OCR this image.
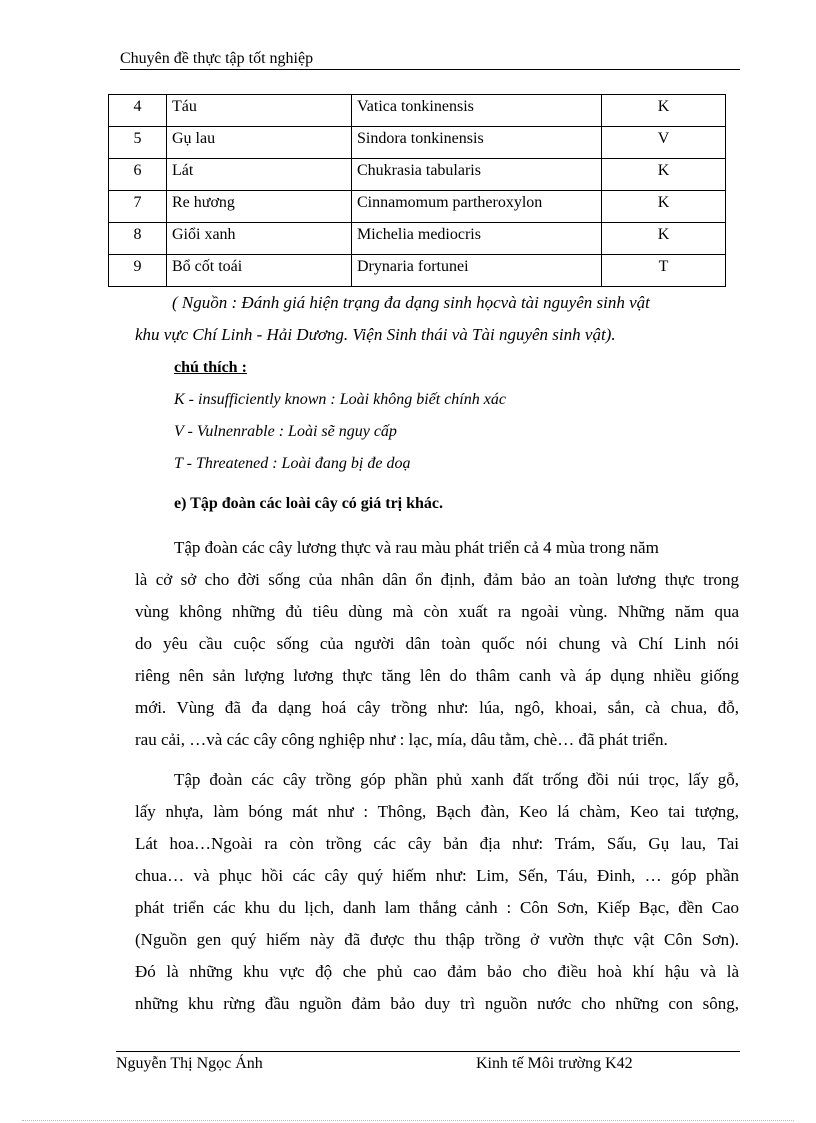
Chuyên đề thực tập tốt nghiệp
4	Táu	Vatica tonkinensis	K
5	Gụ lau	Sindora tonkinensis	V
6	Lát	Chukrasia tabularis	K
7	Re hương	Cinnamomum partheroxylon	K
8	Giổi xanh	Michelia mediocris	K
9	Bổ cốt toái	Drynaria fortunei	T
( Nguồn : Đánh giá hiện trạng đa dạng sinh họcvà tài nguyên sinh vật
khu vực Chí Linh - Hải Dương. Viện Sinh thái và Tài nguyên sinh vật).
chú thích :
K - insufficiently known : Loài không biết chính xác
V - Vulnenrable : Loài sẽ nguy cấp
T - Threatened : Loài đang bị đe doạ
e) Tập đoàn các loài cây có giá trị khác.
Tập đoàn các cây lương thực và rau màu phát triển cả 4 mùa trong năm
là cở sở cho đời sống của nhân dân ổn định, đảm bảo an toàn lương thực trong
vùng không những đủ tiêu dùng mà còn xuất ra ngoài vùng. Những năm qua
do yêu cầu cuộc sống của người dân toàn quốc nói chung và Chí Linh nói
riêng nên sản lượng lương thực tăng lên do thâm canh và áp dụng nhiều giống
mới. Vùng đã đa dạng hoá cây trồng như: lúa, ngô, khoai, sắn, cà chua, đỗ,
rau cải, …và các cây công nghiệp như : lạc, mía, dâu tằm, chè… đã phát triển.
Tập đoàn các cây trồng góp phần phủ xanh đất trống đồi núi trọc, lấy gỗ,
lấy nhựa, làm bóng mát như : Thông, Bạch đàn, Keo lá chàm, Keo tai tượng,
Lát hoa…Ngoài ra còn trồng các cây bản địa như: Trám, Sấu, Gụ lau, Tai
chua… và phục hồi các cây quý hiếm như: Lim, Sến, Táu, Đinh, … góp phần
phát triển các khu du lịch, danh lam thắng cảnh : Côn Sơn, Kiếp Bạc, đền Cao
(Nguồn gen quý hiếm này đã được thu thập trồng ở vườn thực vật Côn Sơn).
Đó là những khu vực độ che phủ cao đảm bảo cho điều hoà khí hậu và là
những khu rừng đầu nguồn đảm bảo duy trì nguồn nước cho những con sông,
Nguyễn Thị Ngọc Ánh	Kinh tế Môi trường K42
